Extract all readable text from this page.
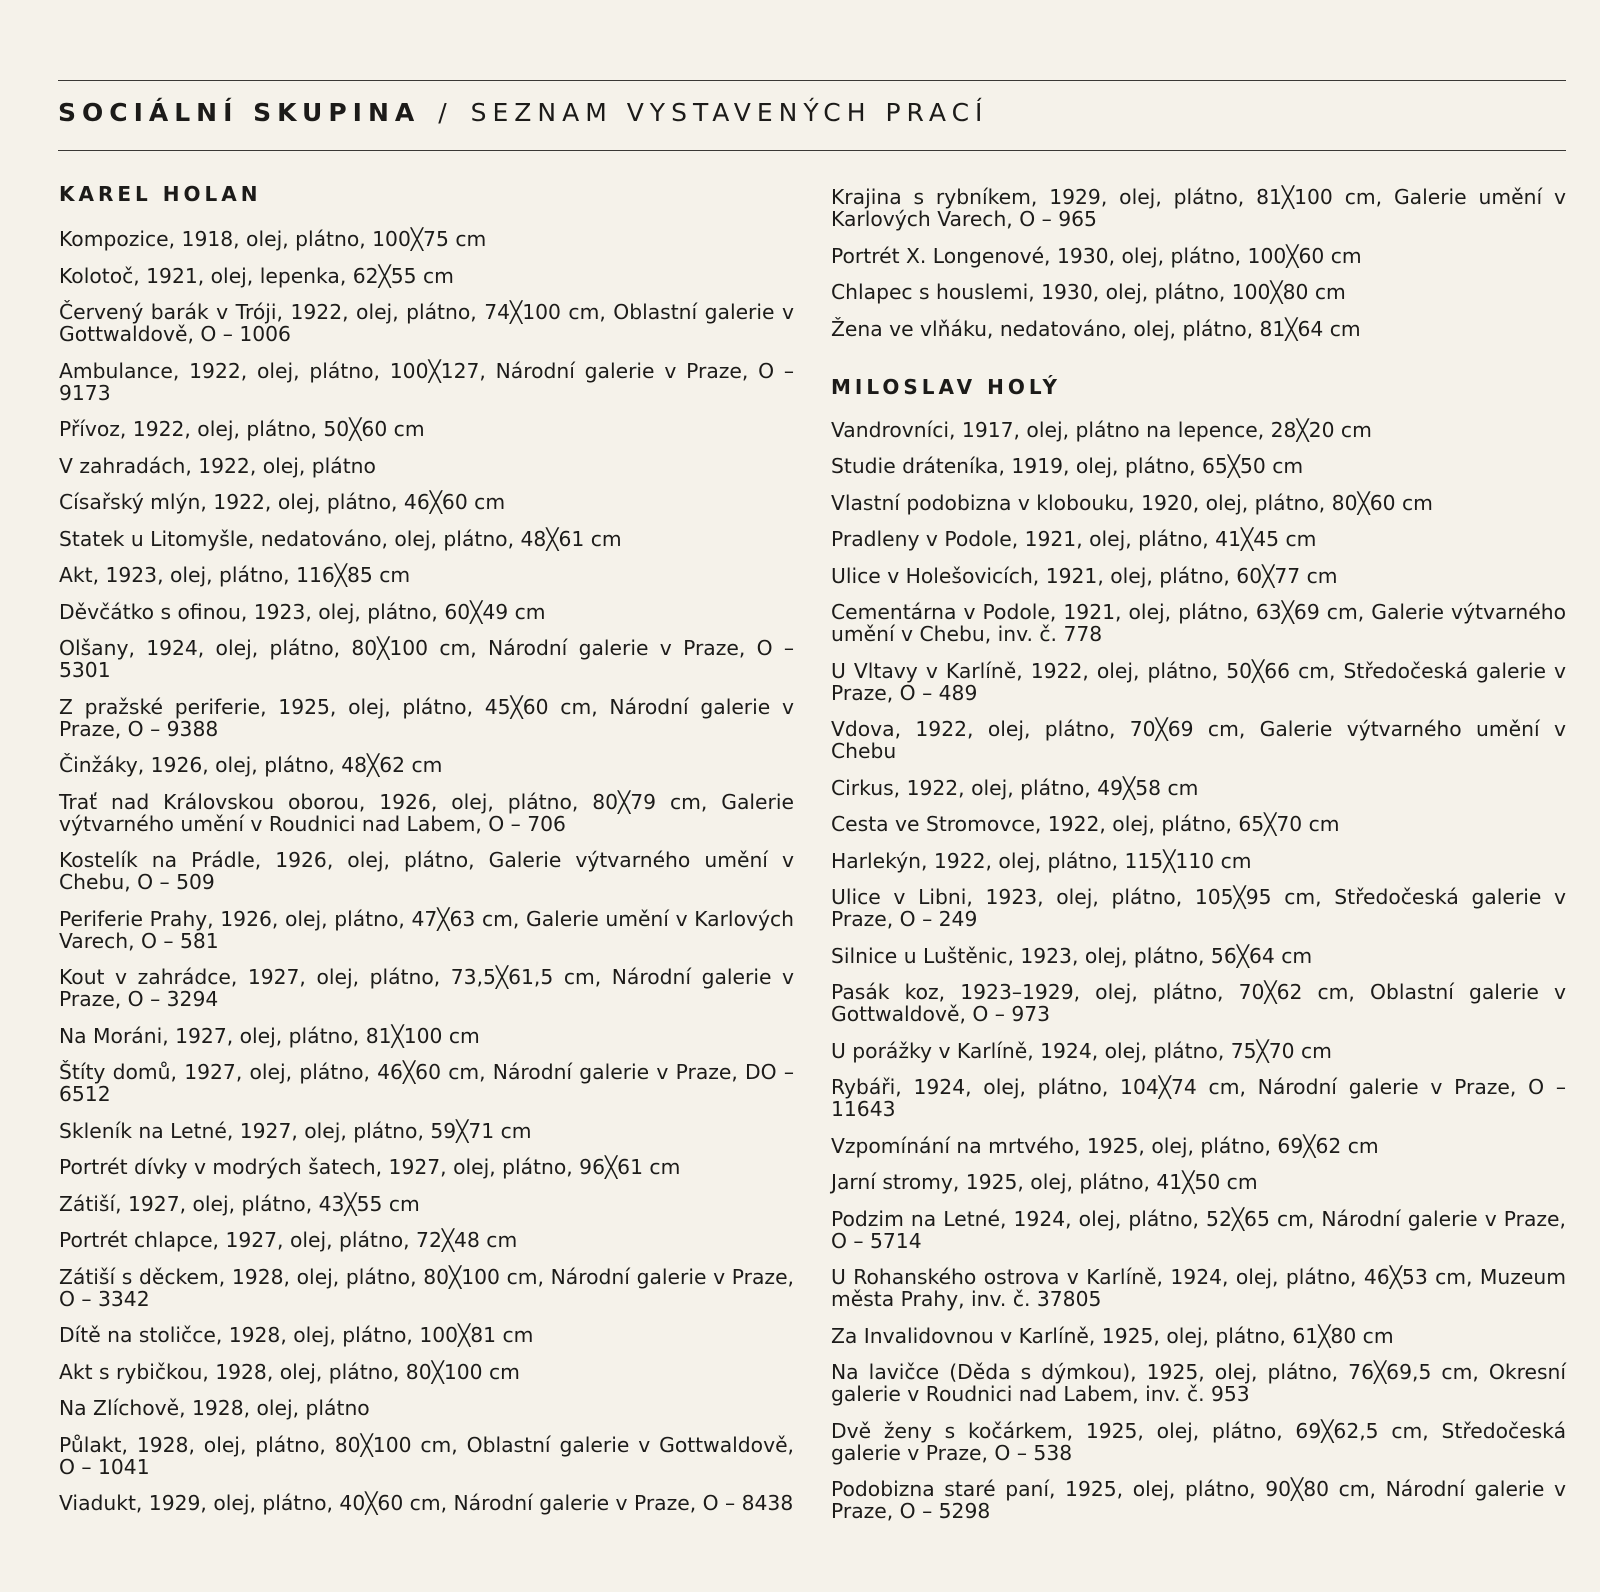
SOCIÁLNÍ SKUPINA / SEZNAM VYSTAVENÝCH PRACÍ
KAREL HOLAN
Kompozice, 1918, olej, plátno, 100╳75 cm
Kolotoč, 1921, olej, lepenka, 62╳55 cm
Červený barák v Tróji, 1922, olej, plátno, 74╳100 cm, Oblastní galerie v Gottwaldově, O – 1006
Ambulance, 1922, olej, plátno, 100╳127, Národní galerie v Praze, O – 9173
Přívoz, 1922, olej, plátno, 50╳60 cm
V zahradách, 1922, olej, plátno
Císařský mlýn, 1922, olej, plátno, 46╳60 cm
Statek u Litomyšle, nedatováno, olej, plátno, 48╳61 cm
Akt, 1923, olej, plátno, 116╳85 cm
Děvčátko s ofinou, 1923, olej, plátno, 60╳49 cm
Olšany, 1924, olej, plátno, 80╳100 cm, Národní galerie v Praze, O – 5301
Z pražské periferie, 1925, olej, plátno, 45╳60 cm, Národní galerie v Praze, O – 9388
Činžáky, 1926, olej, plátno, 48╳62 cm
Trať nad Královskou oborou, 1926, olej, plátno, 80╳79 cm, Galerie výtvarného umění v Roudnici nad Labem, O – 706
Kostelík na Prádle, 1926, olej, plátno, Galerie výtvarného umění v Chebu, O – 509
Periferie Prahy, 1926, olej, plátno, 47╳63 cm, Galerie umění v Karlových Varech, O – 581
Kout v zahrádce, 1927, olej, plátno, 73,5╳61,5 cm, Národní galerie v Praze, O – 3294
Na Moráni, 1927, olej, plátno, 81╳100 cm
Štíty domů, 1927, olej, plátno, 46╳60 cm, Národní galerie v Praze, DO – 6512
Skleník na Letné, 1927, olej, plátno, 59╳71 cm
Portrét dívky v modrých šatech, 1927, olej, plátno, 96╳61 cm
Zátiší, 1927, olej, plátno, 43╳55 cm
Portrét chlapce, 1927, olej, plátno, 72╳48 cm
Zátiší s děckem, 1928, olej, plátno, 80╳100 cm, Národní galerie v Praze, O – 3342
Dítě na stoličce, 1928, olej, plátno, 100╳81 cm
Akt s rybičkou, 1928, olej, plátno, 80╳100 cm
Na Zlíchově, 1928, olej, plátno
Půlakt, 1928, olej, plátno, 80╳100 cm, Oblastní galerie v Gottwaldově, O – 1041
Viadukt, 1929, olej, plátno, 40╳60 cm, Národní galerie v Praze, O – 8438
Krajina s rybníkem, 1929, olej, plátno, 81╳100 cm, Galerie umění v Karlových Varech, O – 965
Portrét X. Longenové, 1930, olej, plátno, 100╳60 cm
Chlapec s houslemi, 1930, olej, plátno, 100╳80 cm
Žena ve vlňáku, nedatováno, olej, plátno, 81╳64 cm
MILOSLAV HOLÝ
Vandrovníci, 1917, olej, plátno na lepence, 28╳20 cm
Studie dráteníka, 1919, olej, plátno, 65╳50 cm
Vlastní podobizna v klobouku, 1920, olej, plátno, 80╳60 cm
Pradleny v Podole, 1921, olej, plátno, 41╳45 cm
Ulice v Holešovicích, 1921, olej, plátno, 60╳77 cm
Cementárna v Podole, 1921, olej, plátno, 63╳69 cm, Galerie výtvarného umění v Chebu, inv. č. 778
U Vltavy v Karlíně, 1922, olej, plátno, 50╳66 cm, Středočeská galerie v Praze, O – 489
Vdova, 1922, olej, plátno, 70╳69 cm, Galerie výtvarného umění v Chebu
Cirkus, 1922, olej, plátno, 49╳58 cm
Cesta ve Stromovce, 1922, olej, plátno, 65╳70 cm
Harlekýn, 1922, olej, plátno, 115╳110 cm
Ulice v Libni, 1923, olej, plátno, 105╳95 cm, Středočeská galerie v Praze, O – 249
Silnice u Luštěnic, 1923, olej, plátno, 56╳64 cm
Pasák koz, 1923–1929, olej, plátno, 70╳62 cm, Oblastní galerie v Gottwaldově, O – 973
U porážky v Karlíně, 1924, olej, plátno, 75╳70 cm
Rybáři, 1924, olej, plátno, 104╳74 cm, Národní galerie v Praze, O – 11643
Vzpomínání na mrtvého, 1925, olej, plátno, 69╳62 cm
Jarní stromy, 1925, olej, plátno, 41╳50 cm
Podzim na Letné, 1924, olej, plátno, 52╳65 cm, Národní galerie v Praze, O – 5714
U Rohanského ostrova v Karlíně, 1924, olej, plátno, 46╳53 cm, Muzeum města Prahy, inv. č. 37805
Za Invalidovnou v Karlíně, 1925, olej, plátno, 61╳80 cm
Na lavičce (Děda s dýmkou), 1925, olej, plátno, 76╳69,5 cm, Okresní galerie v Roudnici nad Labem, inv. č. 953
Dvě ženy s kočárkem, 1925, olej, plátno, 69╳62,5 cm, Středočeská galerie v Praze, O – 538
Podobizna staré paní, 1925, olej, plátno, 90╳80 cm, Národní galerie v Praze, O – 5298
